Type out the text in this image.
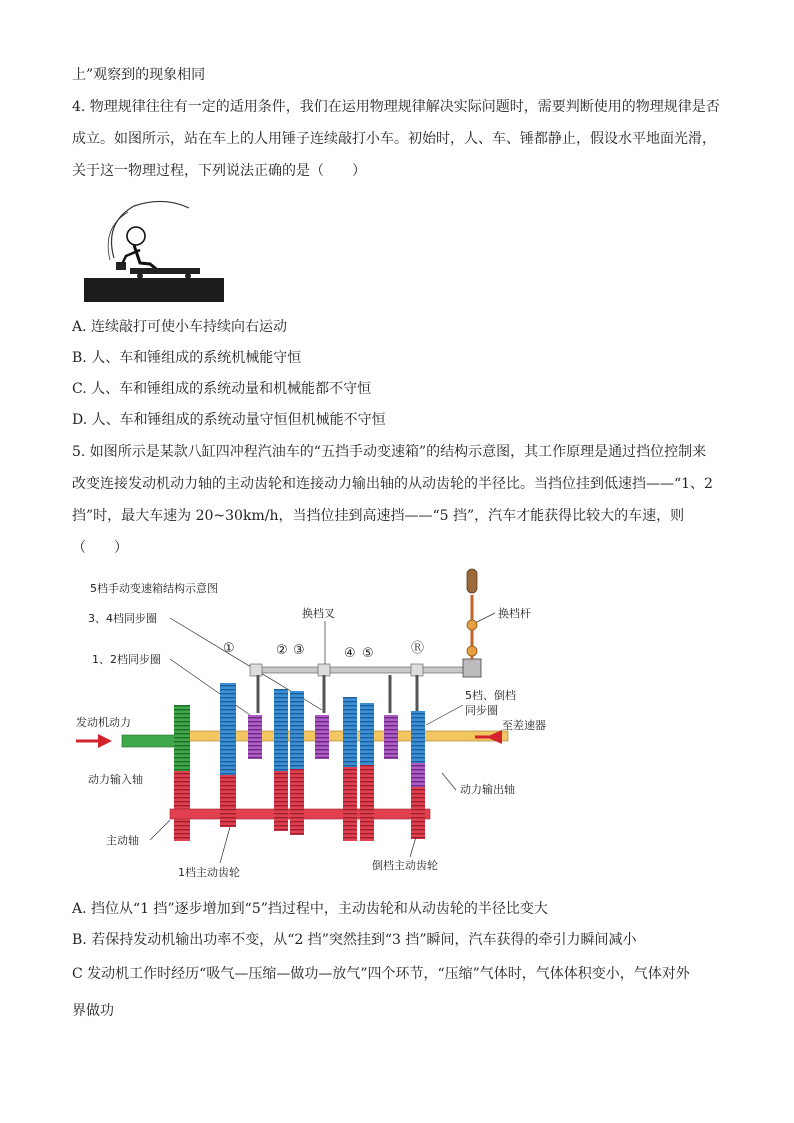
上”观察到的现象相同
4. 物理规律往往有一定的适用条件，我们在运用物理规律解决实际问题时，需要判断使用的物理规律是否
成立。如图所示，站在车上的人用锤子连续敲打小车。初始时，人、车、锤都静止，假设水平地面光滑，
关于这一物理过程，下列说法正确的是（　　）
A. 连续敲打可使小车持续向右运动
B. 人、车和锤组成的系统机械能守恒
C. 人、车和锤组成的系统动量和机械能都不守恒
D. 人、车和锤组成的系统动量守恒但机械能不守恒
5. 如图所示是某款八缸四冲程汽油车的“五挡手动变速箱”的结构示意图，其工作原理是通过挡位控制来
改变连接发动机动力轴的主动齿轮和连接动力输出轴的从动齿轮的半径比。当挡位挂到低速挡——“1、2
挡”时，最大车速为 20~30km/h，当挡位挂到高速挡——“5 挡”，汽车才能获得比较大的车速，则
（　　）
5档手动变速箱结构示意图
3、4档同步圈
1、2档同步圈
换档叉	换档杆
①	② ③	④ ⑤	Ⓡ
至差速器
发动机动力
动力输入轴
主动轴
1档主动齿轮
倒档主动齿轮
动力输出轴
5档、倒档
同步圈
A. 挡位从“1 挡”逐步增加到“5”挡过程中，主动齿轮和从动齿轮的半径比变大
B. 若保持发动机输出功率不变，从“2 挡”突然挂到“3 挡”瞬间，汽车获得的牵引力瞬间减小
C 发动机工作时经历“吸气—压缩—做功—放气”四个环节，“压缩”气体时，气体体积变小，气体对外
界做功
